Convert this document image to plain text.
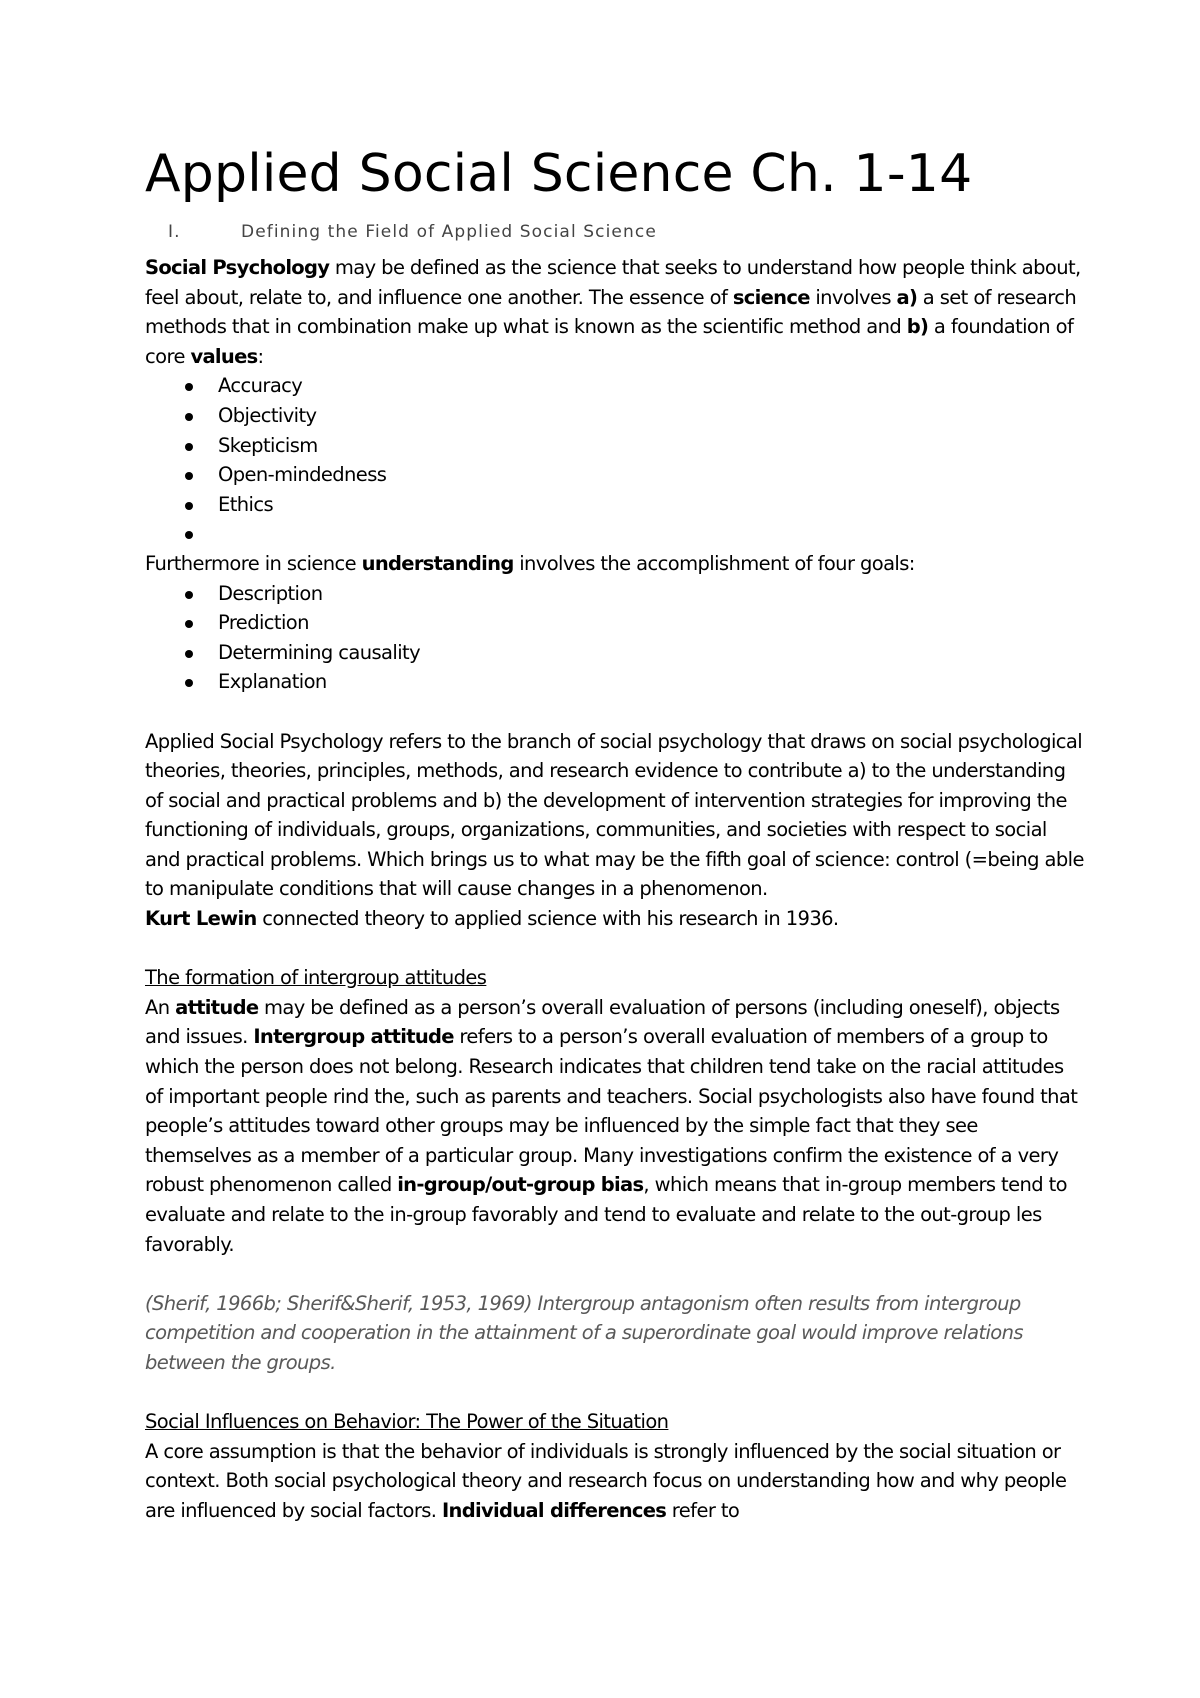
Applied Social Science Ch. 1-14
I.	Defining the Field of Applied Social Science

Social Psychology may be defined as the science that seeks to understand how people think about, feel about, relate to, and influence one another. The essence of science involves a) a set of research methods that in combination make up what is known as the scientific method and b) a foundation of core values:

Accuracy
Objectivity
Skepticism
Open-mindedness
Ethics

Furthermore in science understanding involves the accomplishment of four goals:

Description
Prediction
Determining causality
Explanation

Applied Social Psychology refers to the branch of social psychology that draws on social psychological theories, theories, principles, methods, and research evidence to contribute a) to the understanding of social and practical problems and b) the development of intervention strategies for improving the functioning of individuals, groups, organizations, communities, and societies with respect to social and practical problems. Which brings us to what may be the fifth goal of science: control (=being able to manipulate conditions that will cause changes in a phenomenon.

Kurt Lewin connected theory to applied science with his research in 1936.

The formation of intergroup attitudes

An attitude may be defined as a person’s overall evaluation of persons (including oneself), objects and issues. Intergroup attitude refers to a person’s overall evaluation of members of a group to which the person does not belong. Research indicates that children tend take on the racial attitudes of important people rind the, such as parents and teachers. Social psychologists also have found that people’s attitudes toward other groups may be influenced by the simple fact that they see themselves as a member of a particular group. Many investigations confirm the existence of a very robust phenomenon called in-group/out-group bias, which means that in-group members tend to evaluate and relate to the in-group favorably and tend to evaluate and relate to the out-group les favorably.

(Sherif, 1966b; Sherif&Sherif, 1953, 1969) Intergroup antagonism often results from intergroup competition and cooperation in the attainment of a superordinate goal would improve relations between the groups.

Social Influences on Behavior: The Power of the Situation

A core assumption is that the behavior of individuals is strongly influenced by the social situation or context. Both social psychological theory and research focus on understanding how and why people are influenced by social factors. Individual differences refer to
